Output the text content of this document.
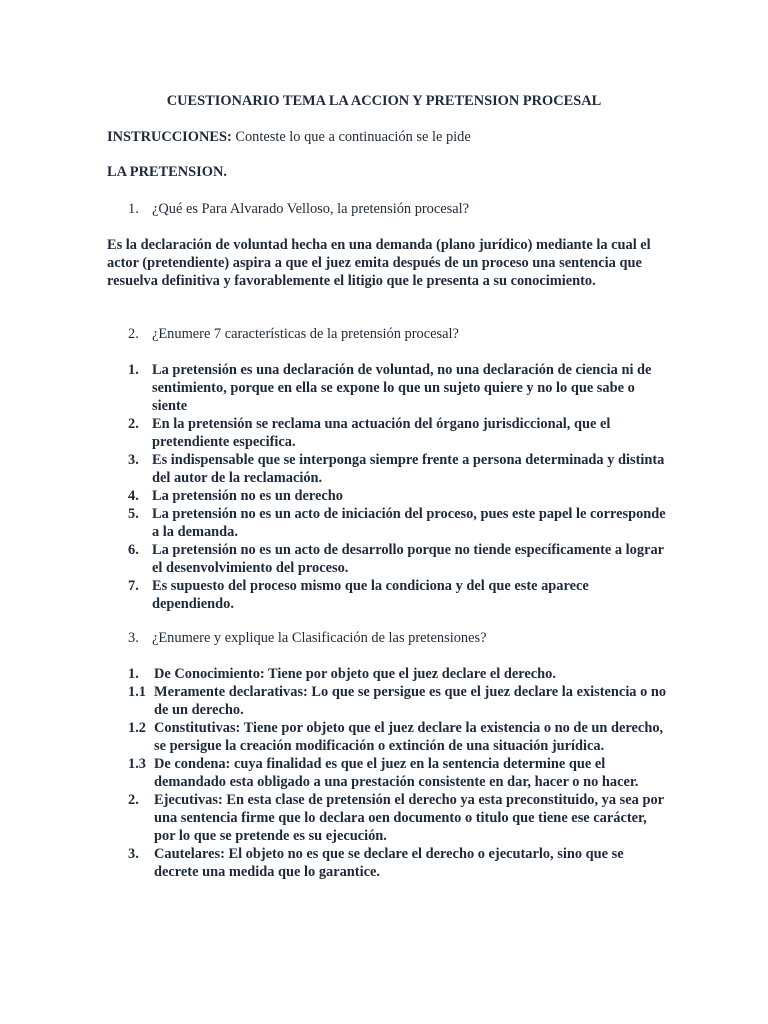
CUESTIONARIO TEMA LA ACCION Y PRETENSION PROCESAL
INSTRUCCIONES: Conteste lo que a continuación se le pide
LA PRETENSION.
1. ¿Qué es Para Alvarado Velloso, la pretensión procesal?
Es la declaración de voluntad hecha en una demanda (plano jurídico) mediante la cual el actor (pretendiente) aspira a que el juez emita después de un proceso una sentencia que resuelva definitiva y favorablemente el litigio que le presenta a su conocimiento.
2. ¿Enumere 7 características de la pretensión procesal?
1. La pretensión es una declaración de voluntad, no una declaración de ciencia ni de sentimiento, porque en ella se expone lo que un sujeto quiere y no lo que sabe o siente
2. En la pretensión se reclama una actuación del órgano jurisdiccional, que el pretendiente especifica.
3. Es indispensable que se interponga siempre frente a persona determinada y distinta del autor de la reclamación.
4. La pretensión no es un derecho
5. La pretensión no es un acto de iniciación del proceso, pues este papel le corresponde a la demanda.
6. La pretensión no es un acto de desarrollo porque no tiende específicamente a lograr el desenvolvimiento del proceso.
7. Es supuesto del proceso mismo que la condiciona y del que este aparece dependiendo.
3. ¿Enumere y explique la Clasificación de las pretensiones?
1.	De Conocimiento: Tiene por objeto que el juez declare el derecho.
1.1 Meramente declarativas: Lo que se persigue es que el juez declare la existencia o no de un derecho.
1.2 Constitutivas: Tiene por objeto que el juez declare la existencia o no de un derecho, se persigue la creación modificación o extinción de una situación jurídica.
1.3 De condena: cuya finalidad es que el juez en la sentencia determine que el demandado esta obligado a una prestación consistente en dar, hacer o no hacer.
2.	Ejecutivas: En esta clase de pretensión el derecho ya esta preconstituido, ya sea por una sentencia firme que lo declara oen documento o titulo que tiene ese carácter, por lo que se pretende es su ejecución.
3.	Cautelares: El objeto no es que se declare el derecho o ejecutarlo, sino que se decrete una medida que lo garantice.
